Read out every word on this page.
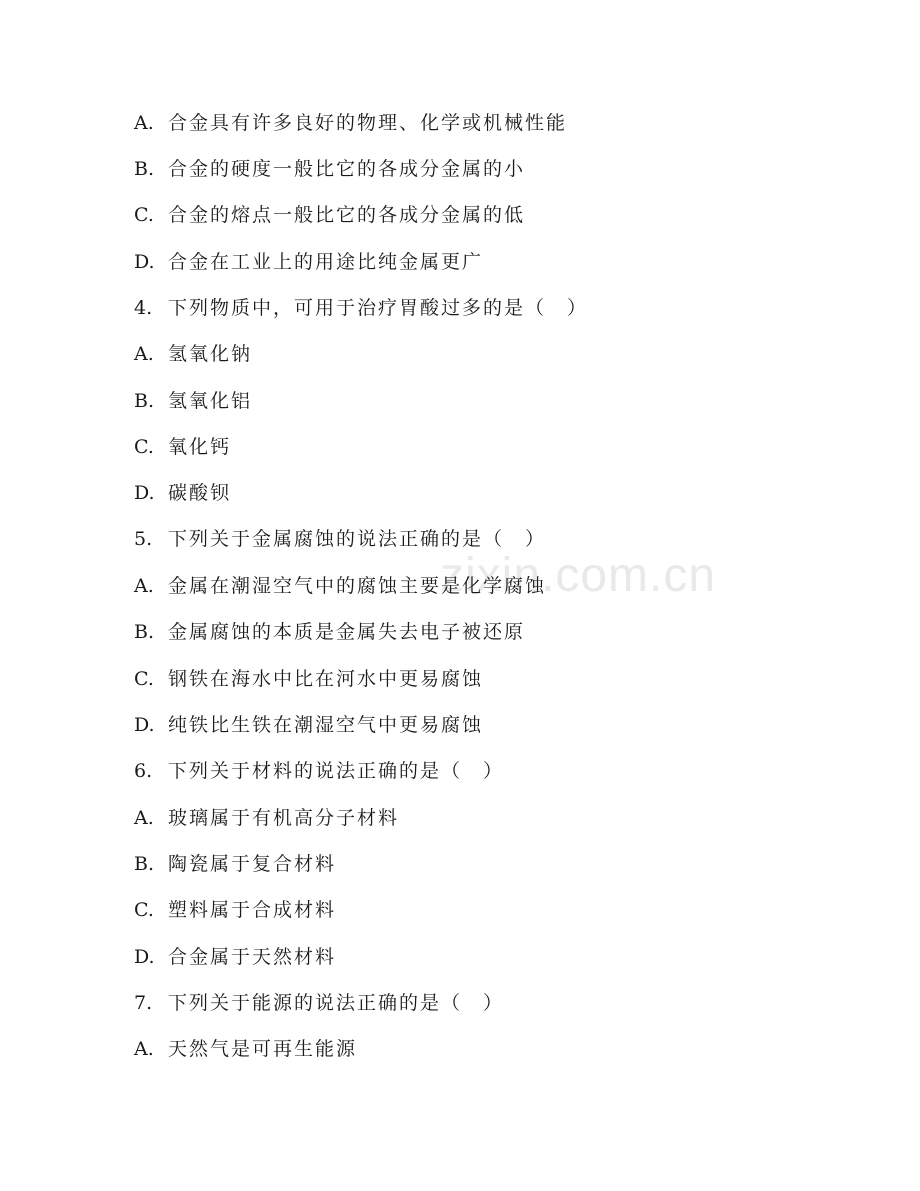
zixin.com.cn
A. 合金具有许多良好的物理、化学或机械性能
B. 合金的硬度一般比它的各成分金属的小
C. 合金的熔点一般比它的各成分金属的低
D. 合金在工业上的用途比纯金属更广
4. 下列物质中，可用于治疗胃酸过多的是（　）
A. 氢氧化钠
B. 氢氧化铝
C. 氧化钙
D. 碳酸钡
5. 下列关于金属腐蚀的说法正确的是（　）
A. 金属在潮湿空气中的腐蚀主要是化学腐蚀
B. 金属腐蚀的本质是金属失去电子被还原
C. 钢铁在海水中比在河水中更易腐蚀
D. 纯铁比生铁在潮湿空气中更易腐蚀
6. 下列关于材料的说法正确的是（　）
A. 玻璃属于有机高分子材料
B. 陶瓷属于复合材料
C. 塑料属于合成材料
D. 合金属于天然材料
7. 下列关于能源的说法正确的是（　）
A. 天然气是可再生能源
